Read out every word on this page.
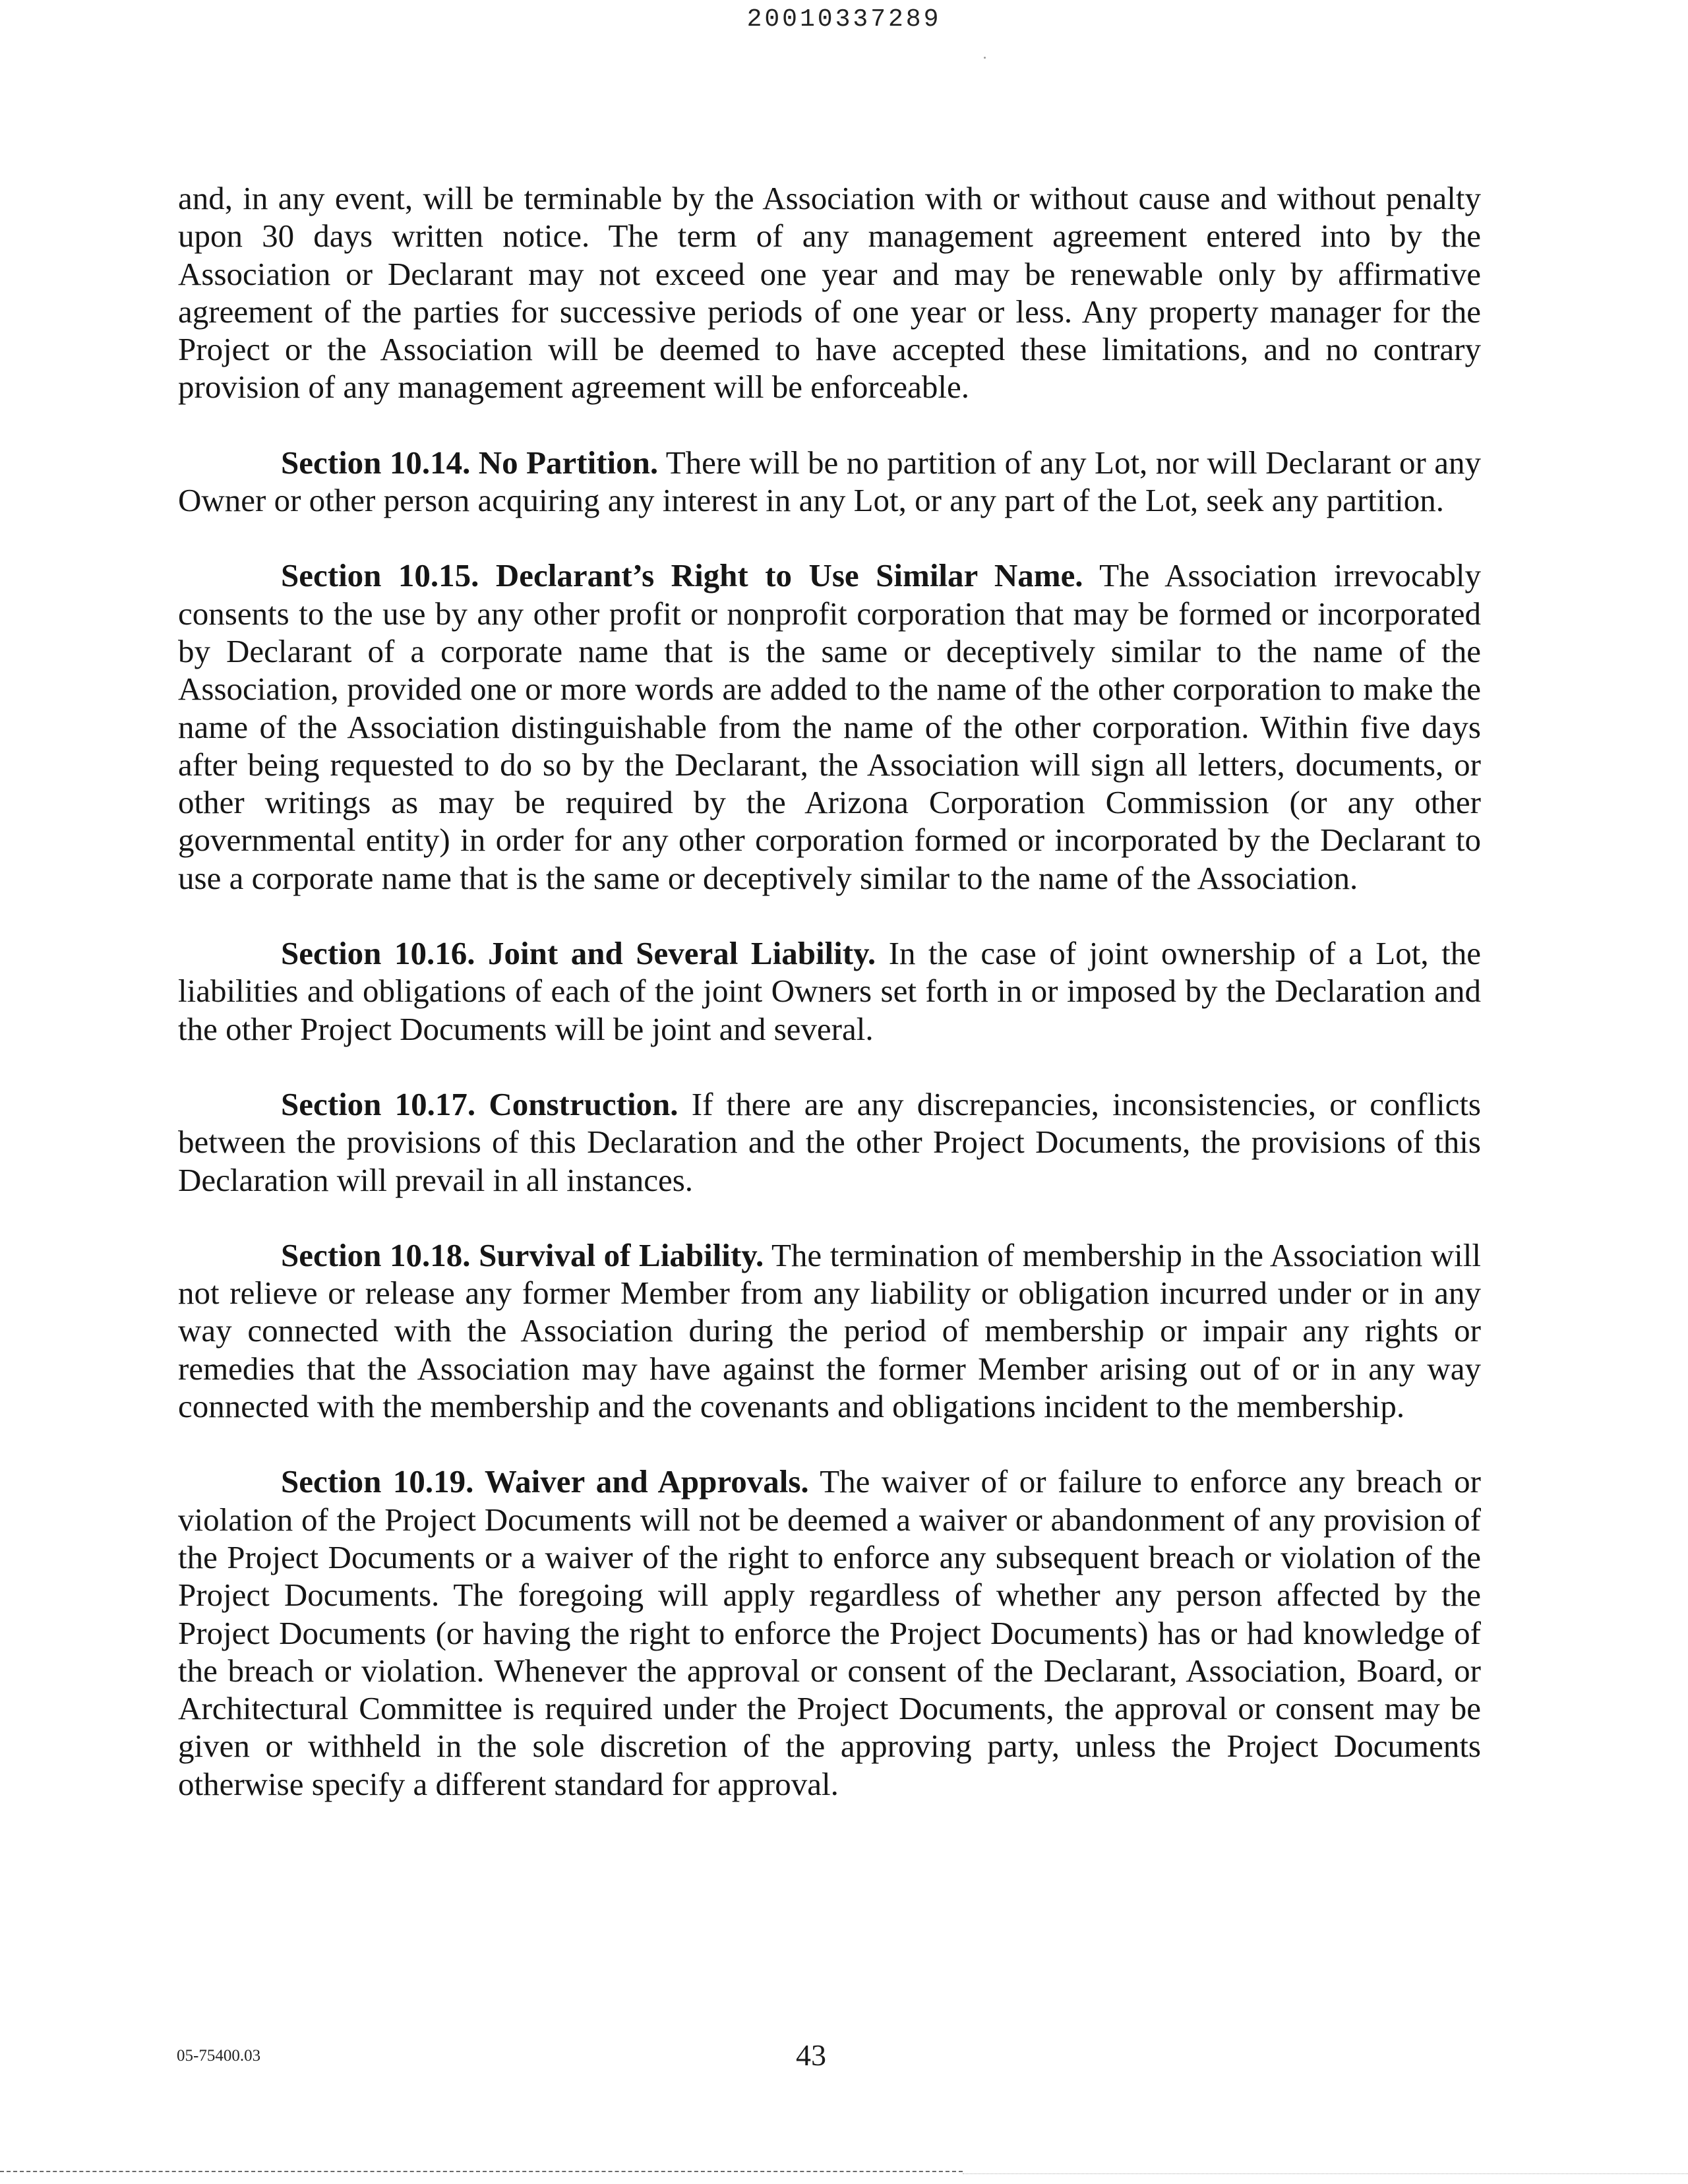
20010337289

and, in any event, will be terminable by the Association with or without cause and without penalty upon 30 days written notice. The term of any management agreement entered into by the Association or Declarant may not exceed one year and may be renewable only by affirmative agreement of the parties for successive periods of one year or less. Any property manager for the Project or the Association will be deemed to have accepted these limitations, and no contrary provision of any management agreement will be enforceable.

Section 10.14. No Partition. There will be no partition of any Lot, nor will Declarant or any Owner or other person acquiring any interest in any Lot, or any part of the Lot, seek any partition.

Section 10.15. Declarant’s Right to Use Similar Name. The Association irrevocably consents to the use by any other profit or nonprofit corporation that may be formed or incorporated by Declarant of a corporate name that is the same or deceptively similar to the name of the Association, provided one or more words are added to the name of the other corporation to make the name of the Association distinguishable from the name of the other corporation. Within five days after being requested to do so by the Declarant, the Association will sign all letters, documents, or other writings as may be required by the Arizona Corporation Commission (or any other governmental entity) in order for any other corporation formed or incorporated by the Declarant to use a corporate name that is the same or deceptively similar to the name of the Association.

Section 10.16. Joint and Several Liability. In the case of joint ownership of a Lot, the liabilities and obligations of each of the joint Owners set forth in or imposed by the Declaration and the other Project Documents will be joint and several.

Section 10.17. Construction. If there are any discrepancies, inconsistencies, or conflicts between the provisions of this Declaration and the other Project Documents, the provisions of this Declaration will prevail in all instances.

Section 10.18. Survival of Liability. The termination of membership in the Association will not relieve or release any former Member from any liability or obligation incurred under or in any way connected with the Association during the period of membership or impair any rights or remedies that the Association may have against the former Member arising out of or in any way connected with the membership and the covenants and obligations incident to the membership.

Section 10.19. Waiver and Approvals. The waiver of or failure to enforce any breach or violation of the Project Documents will not be deemed a waiver or abandonment of any provision of the Project Documents or a waiver of the right to enforce any subsequent breach or violation of the Project Documents. The foregoing will apply regardless of whether any person affected by the Project Documents (or having the right to enforce the Project Documents) has or had knowledge of the breach or violation. Whenever the approval or consent of the Declarant, Association, Board, or Architectural Committee is required under the Project Documents, the approval or consent may be given or withheld in the sole discretion of the approving party, unless the Project Documents otherwise specify a different standard for approval.

05-75400.03	43
